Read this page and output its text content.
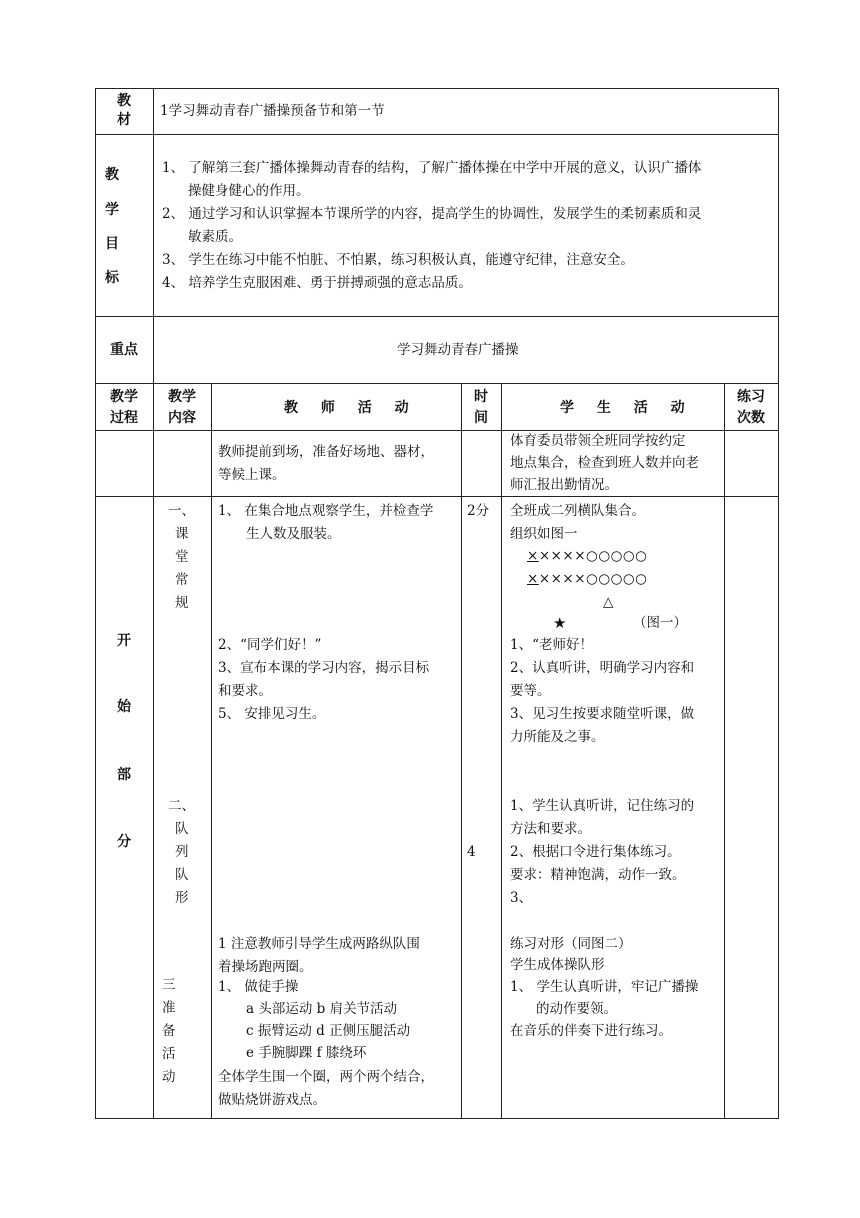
教 材
1学习舞动青春广播操预备节和第一节
教
学
目
标
1、 了解第三套广播体操舞动青春的结构，了解广播体操在中学中开展的意义，认识广播体
操健身健心的作用。
2、 通过学习和认识掌握本节课所学的内容，提高学生的协调性，发展学生的柔韧素质和灵
敏素质。
3、 学生在练习中能不怕脏、不怕累，练习积极认真，能遵守纪律，注意安全。
4、 培养学生克服困难、勇于拼搏顽强的意志品质。
重点	学习舞动青春广播操
教学
过程
教学
内容
教 师 活 动
时
间
学 生 活 动
练习
次数
教师提前到场，准备好场地、器材，
等候上课。
体育委员带领全班同学按约定
地点集合，检查到班人数并向老
师汇报出勤情况。
开
始
部
分
一、
课
堂
常
规
二、
队
列
队
形
三
准
备
活
动
1、 在集合地点观察学生，并检查学
生人数及服装。
2、“同学们好！”
3、宣布本课的学习内容，揭示目标
和要求。
5、 安排见习生。
1 注意教师引导学生成两路纵队围
着操场跑两圈。
1、 做徒手操
a 头部运动 b 肩关节活动
c 振臂运动 d 正侧压腿活动
e 手腕脚踝 f 膝绕环
全体学生围一个圈，两个两个结合，
做贴烧饼游戏点。
2分
4
全班成二列横队集合。
组织如图一
×××××○○○○○
×××××○○○○○
△
★	（图一）
1、“老师好！
2、认真听讲，明确学习内容和
要等。
3、见习生按要求随堂听课，做
力所能及之事。
1、学生认真听讲，记住练习的
方法和要求。
2、根据口令进行集体练习。
要求：精神饱满，动作一致。
3、
练习对形（同图二）
学生成体操队形
1、 学生认真听讲，牢记广播操
的动作要领。
在音乐的伴奏下进行练习。
